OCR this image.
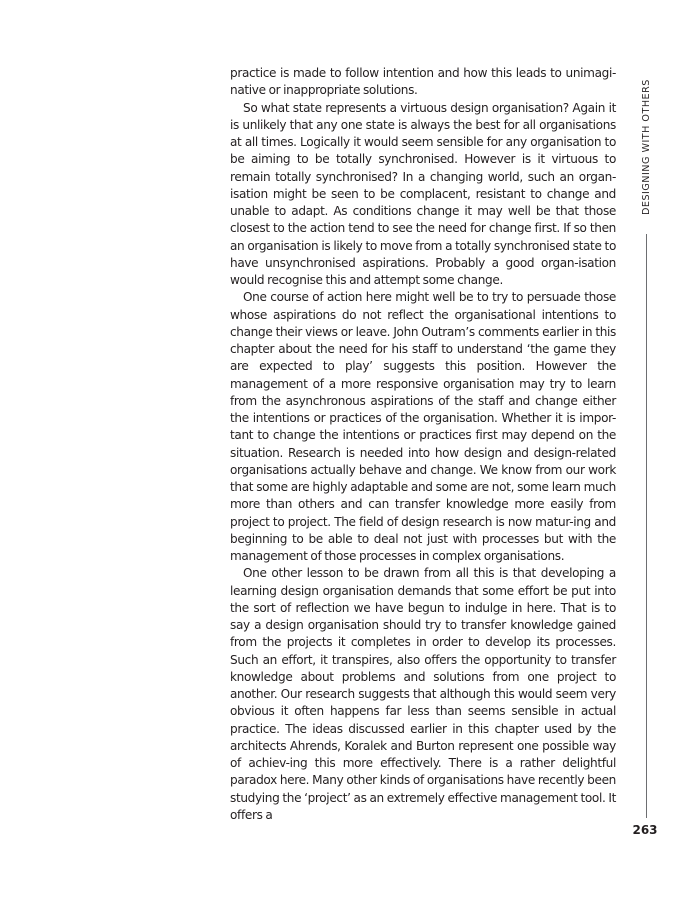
practice is made to follow intention and how this leads to unimagi-native or inappropriate solutions.

So what state represents a virtuous design organisation? Again it is unlikely that any one state is always the best for all organisations at all times. Logically it would seem sensible for any organisation to be aiming to be totally synchronised. However is it virtuous to remain totally synchronised? In a changing world, such an organ-isation might be seen to be complacent, resistant to change and unable to adapt. As conditions change it may well be that those closest to the action tend to see the need for change first. If so then an organisation is likely to move from a totally synchronised state to have unsynchronised aspirations. Probably a good organ-isation would recognise this and attempt some change.

One course of action here might well be to try to persuade those whose aspirations do not reflect the organisational intentions to change their views or leave. John Outram’s comments earlier in this chapter about the need for his staff to understand ‘the game they are expected to play’ suggests this position. However the management of a more responsive organisation may try to learn from the asynchronous aspirations of the staff and change either the intentions or practices of the organisation. Whether it is impor-tant to change the intentions or practices first may depend on the situation. Research is needed into how design and design-related organisations actually behave and change. We know from our work that some are highly adaptable and some are not, some learn much more than others and can transfer knowledge more easily from project to project. The field of design research is now matur-ing and beginning to be able to deal not just with processes but with the management of those processes in complex organisations.

One other lesson to be drawn from all this is that developing a learning design organisation demands that some effort be put into the sort of reflection we have begun to indulge in here. That is to say a design organisation should try to transfer knowledge gained from the projects it completes in order to develop its processes. Such an effort, it transpires, also offers the opportunity to transfer knowledge about problems and solutions from one project to another. Our research suggests that although this would seem very obvious it often happens far less than seems sensible in actual practice. The ideas discussed earlier in this chapter used by the architects Ahrends, Koralek and Burton represent one possible way of achiev-ing this more effectively. There is a rather delightful paradox here. Many other kinds of organisations have recently been studying the ‘project’ as an extremely effective management tool. It offers a

DESIGNING WITH OTHERS
263
